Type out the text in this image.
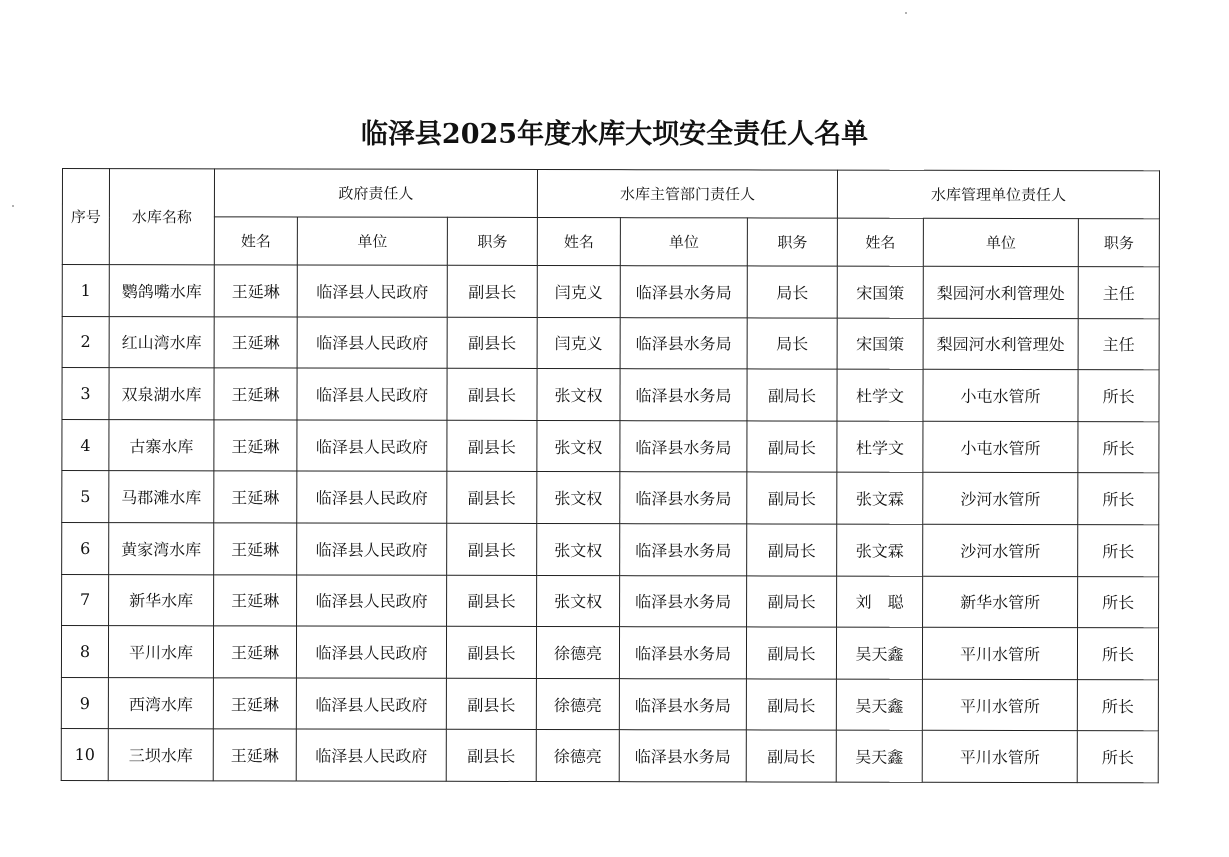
临泽县2025年度水库大坝安全责任人名单
序号	水库名称	政府责任人			水库主管部门责任人			水库管理单位责任人		
		姓名	单位	职务	姓名	单位	职务	姓名	单位	职务
1	鹦鸽嘴水库	王延琳	临泽县人民政府	副县长	闫克义	临泽县水务局	局长	宋国策	梨园河水利管理处	主任
2	红山湾水库	王延琳	临泽县人民政府	副县长	闫克义	临泽县水务局	局长	宋国策	梨园河水利管理处	主任
3	双泉湖水库	王延琳	临泽县人民政府	副县长	张文权	临泽县水务局	副局长	杜学文	小屯水管所	所长
4	古寨水库	王延琳	临泽县人民政府	副县长	张文权	临泽县水务局	副局长	杜学文	小屯水管所	所长
5	马郡滩水库	王延琳	临泽县人民政府	副县长	张文权	临泽县水务局	副局长	张文霖	沙河水管所	所长
6	黄家湾水库	王延琳	临泽县人民政府	副县长	张文权	临泽县水务局	副局长	张文霖	沙河水管所	所长
7	新华水库	王延琳	临泽县人民政府	副县长	张文权	临泽县水务局	副局长	刘　聪	新华水管所	所长
8	平川水库	王延琳	临泽县人民政府	副县长	徐德亮	临泽县水务局	副局长	吴天鑫	平川水管所	所长
9	西湾水库	王延琳	临泽县人民政府	副县长	徐德亮	临泽县水务局	副局长	吴天鑫	平川水管所	所长
10	三坝水库	王延琳	临泽县人民政府	副县长	徐德亮	临泽县水务局	副局长	吴天鑫	平川水管所	所长
